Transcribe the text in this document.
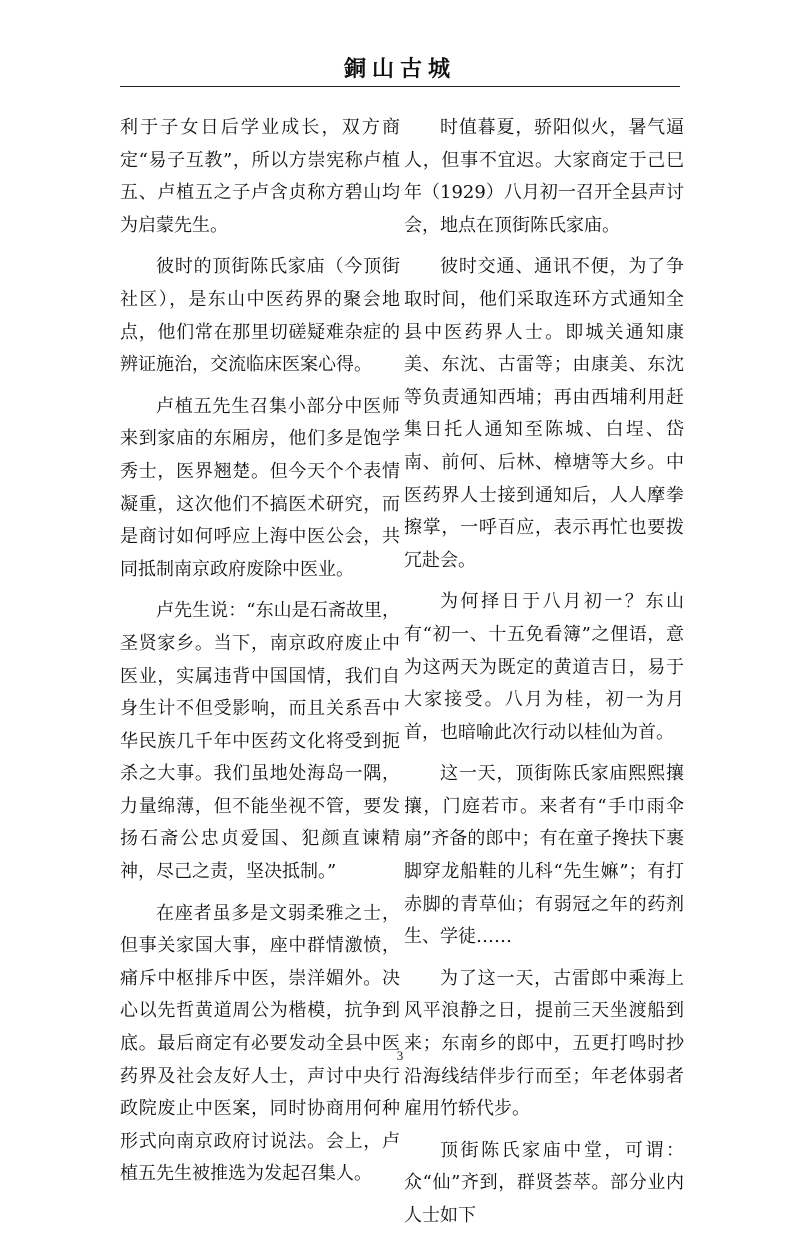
銅山古城

利于子女日后学业成长，双方商定“易子互教”，所以方崇宪称卢植五、卢植五之子卢含贞称方碧山均为启蒙先生。

彼时的顶街陈氏家庙（今顶街社区），是东山中医药界的聚会地点，他们常在那里切磋疑难杂症的辨证施治，交流临床医案心得。

卢植五先生召集小部分中医师来到家庙的东厢房，他们多是饱学秀士，医界翘楚。但今天个个表情凝重，这次他们不搞医术研究，而是商讨如何呼应上海中医公会，共同抵制南京政府废除中医业。

卢先生说：“东山是石斋故里，圣贤家乡。当下，南京政府废止中医业，实属违背中国国情，我们自身生计不但受影响，而且关系吾中华民族几千年中医药文化将受到扼杀之大事。我们虽地处海岛一隅，力量绵薄，但不能坐视不管，要发扬石斋公忠贞爱国、犯颜直谏精神，尽己之责，坚决抵制。”

在座者虽多是文弱柔雅之士，但事关家国大事，座中群情激愤，痛斥中枢排斥中医，崇洋媚外。决心以先哲黄道周公为楷模，抗争到底。最后商定有必要发动全县中医药界及社会友好人士，声讨中央行政院废止中医案，同时协商用何种形式向南京政府讨说法。会上，卢植五先生被推选为发起召集人。

时值暮夏，骄阳似火，暑气逼人，但事不宜迟。大家商定于己巳年（1929）八月初一召开全县声讨会，地点在顶街陈氏家庙。

彼时交通、通讯不便，为了争取时间，他们采取连环方式通知全县中医药界人士。即城关通知康美、东沈、古雷等；由康美、东沈等负责通知西埔；再由西埔利用赶集日托人通知至陈城、白埕、岱南、前何、后林、樟塘等大乡。中医药界人士接到通知后，人人摩拳擦掌，一呼百应，表示再忙也要拨冗赴会。

为何择日于八月初一？东山有“初一、十五免看簿”之俚语，意为这两天为既定的黄道吉日，易于大家接受。八月为桂，初一为月首，也暗喻此次行动以桂仙为首。

这一天，顶街陈氏家庙熙熙攘攘，门庭若市。来者有“手巾雨伞扇”齐备的郎中；有在童子搀扶下裹脚穿龙船鞋的儿科“先生嫲”；有打赤脚的青草仙；有弱冠之年的药剂生、学徒……

为了这一天，古雷郎中乘海上风平浪静之日，提前三天坐渡船到来；东南乡的郎中，五更打鸣时抄沿海线结伴步行而至；年老体弱者雇用竹轿代步。

顶街陈氏家庙中堂，可谓：众“仙”齐到，群贤荟萃。部分业内人士如下

3
